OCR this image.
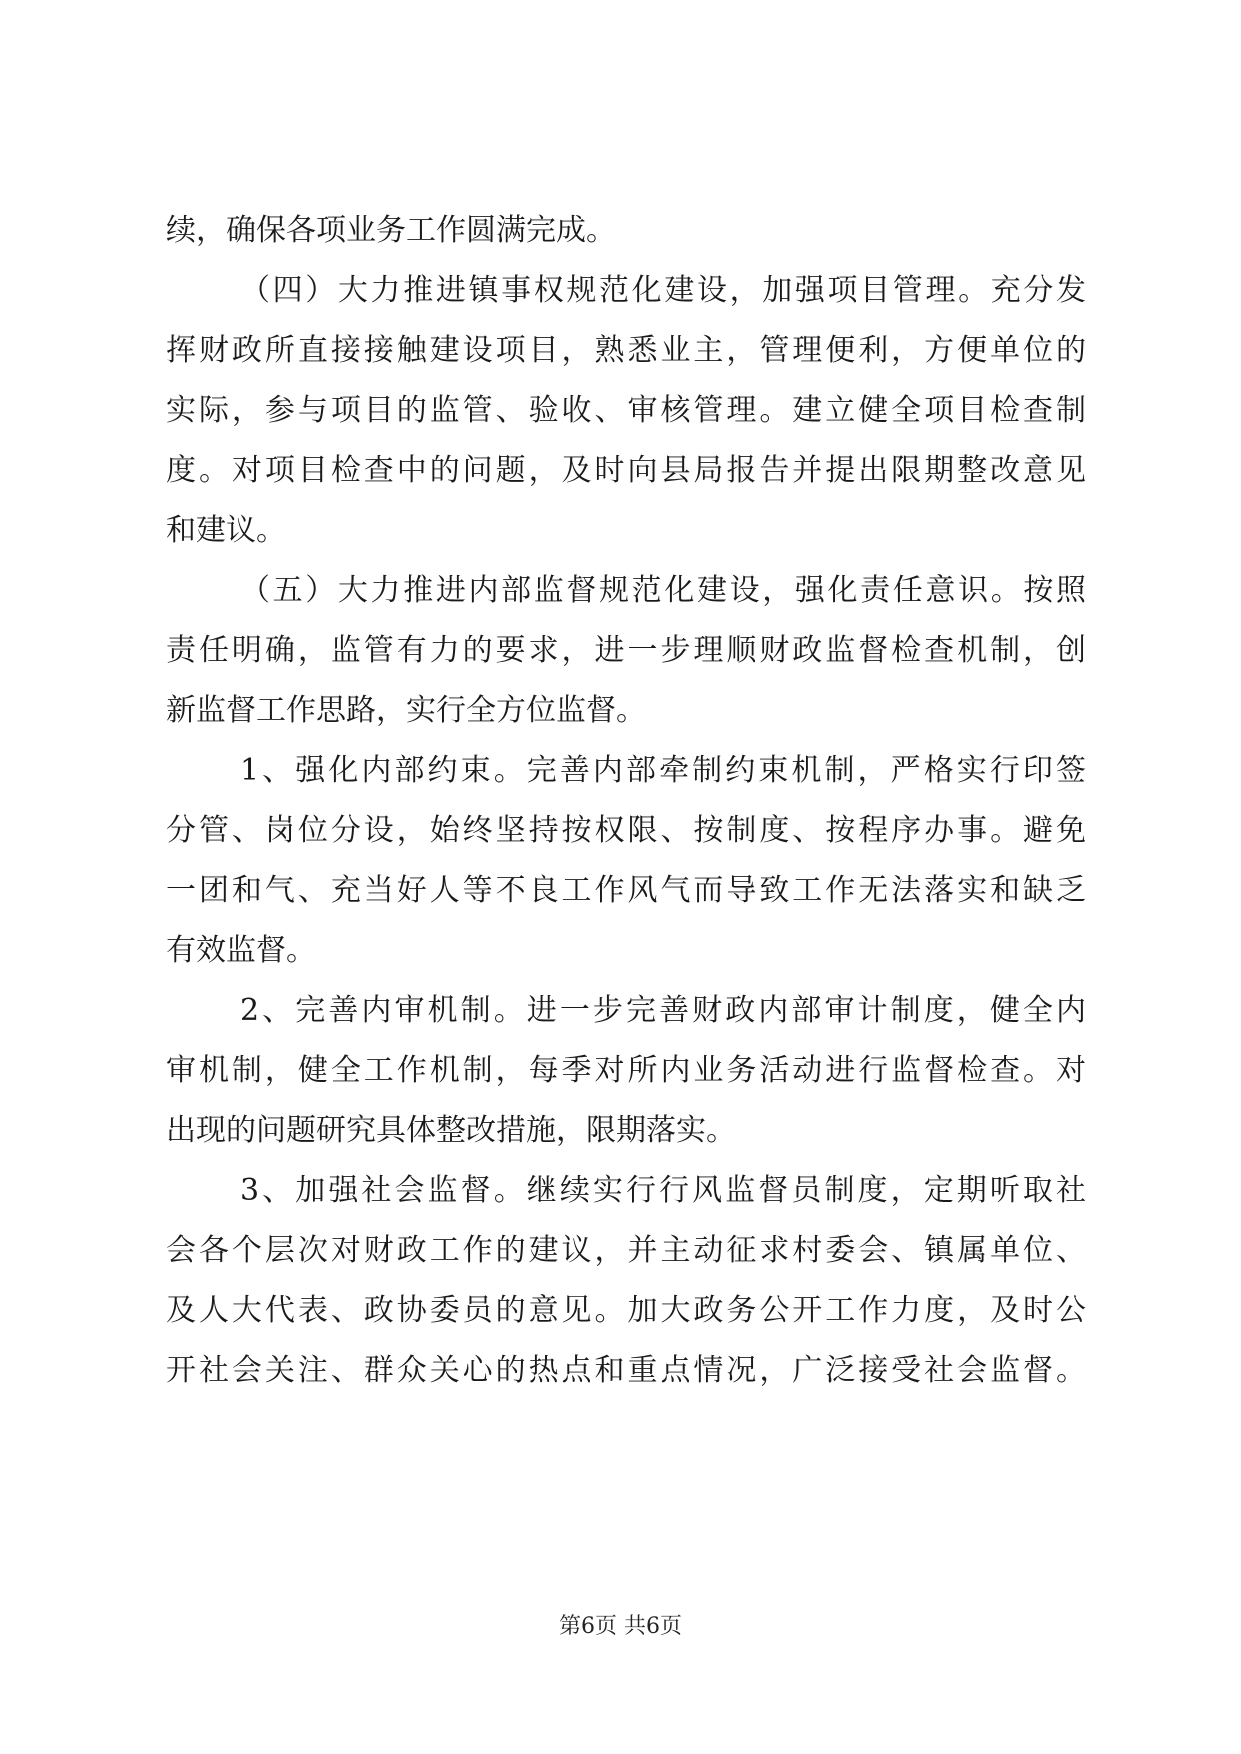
续，确保各项业务工作圆满完成。
（四）大力推进镇事权规范化建设，加强项目管理。充分发
挥财政所直接接触建设项目，熟悉业主，管理便利，方便单位的
实际，参与项目的监管、验收、审核管理。建立健全项目检查制
度。对项目检查中的问题，及时向县局报告并提出限期整改意见
和建议。
（五）大力推进内部监督规范化建设，强化责任意识。按照
责任明确，监管有力的要求，进一步理顺财政监督检查机制，创
新监督工作思路，实行全方位监督。
1、强化内部约束。完善内部牵制约束机制，严格实行印签
分管、岗位分设，始终坚持按权限、按制度、按程序办事。避免
一团和气、充当好人等不良工作风气而导致工作无法落实和缺乏
有效监督。
2、完善内审机制。进一步完善财政内部审计制度，健全内
审机制，健全工作机制，每季对所内业务活动进行监督检查。对
出现的问题研究具体整改措施，限期落实。
3、加强社会监督。继续实行行风监督员制度，定期听取社
会各个层次对财政工作的建议，并主动征求村委会、镇属单位、
及人大代表、政协委员的意见。加大政务公开工作力度，及时公
开社会关注、群众关心的热点和重点情况，广泛接受社会监督。
第6页 共6页
